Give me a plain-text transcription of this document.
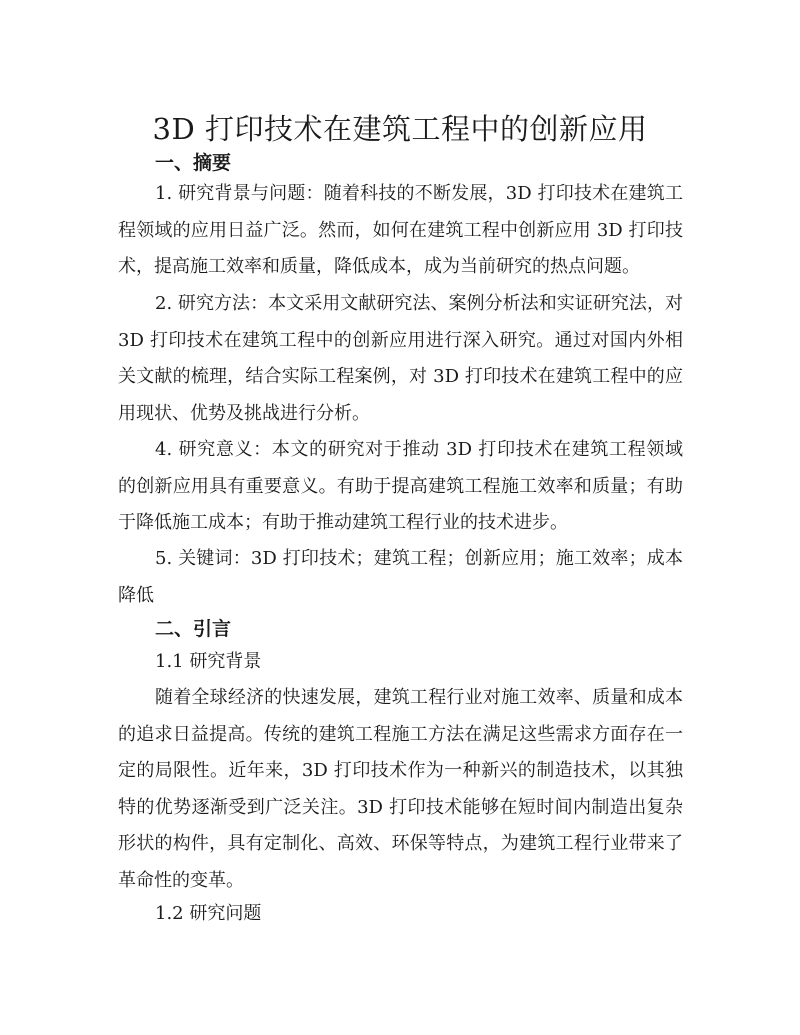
3D 打印技术在建筑工程中的创新应用
一、摘要

1. 研究背景与问题：随着科技的不断发展，3D 打印技术在建筑工程领域的应用日益广泛。然而，如何在建筑工程中创新应用 3D 打印技术，提高施工效率和质量，降低成本，成为当前研究的热点问题。

2. 研究方法：本文采用文献研究法、案例分析法和实证研究法，对 3D 打印技术在建筑工程中的创新应用进行深入研究。通过对国内外相关文献的梳理，结合实际工程案例，对 3D 打印技术在建筑工程中的应用现状、优势及挑战进行分析。

4. 研究意义：本文的研究对于推动 3D 打印技术在建筑工程领域的创新应用具有重要意义。有助于提高建筑工程施工效率和质量；有助于降低施工成本；有助于推动建筑工程行业的技术进步。

5. 关键词：3D 打印技术；建筑工程；创新应用；施工效率；成本降低

二、引言
1.1 研究背景

随着全球经济的快速发展，建筑工程行业对施工效率、质量和成本的追求日益提高。传统的建筑工程施工方法在满足这些需求方面存在一定的局限性。近年来，3D 打印技术作为一种新兴的制造技术，以其独特的优势逐渐受到广泛关注。3D 打印技术能够在短时间内制造出复杂形状的构件，具有定制化、高效、环保等特点，为建筑工程行业带来了革命性的变革。

1.2 研究问题
